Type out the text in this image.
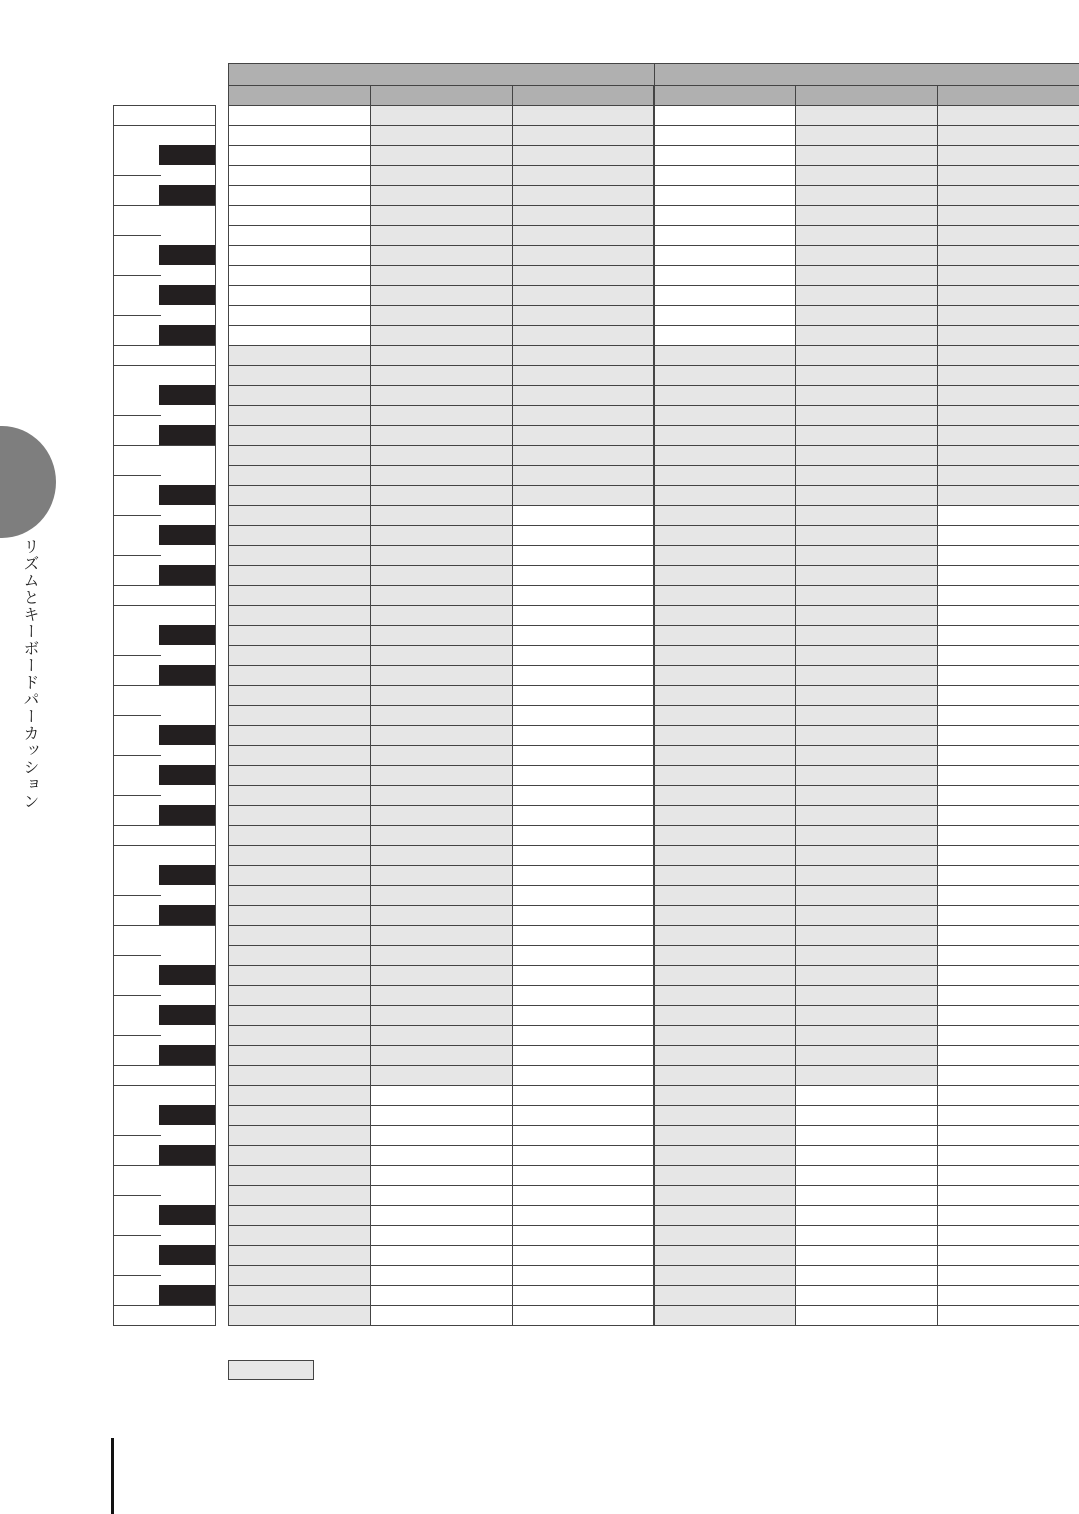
リズムとキーボードパーカッション
